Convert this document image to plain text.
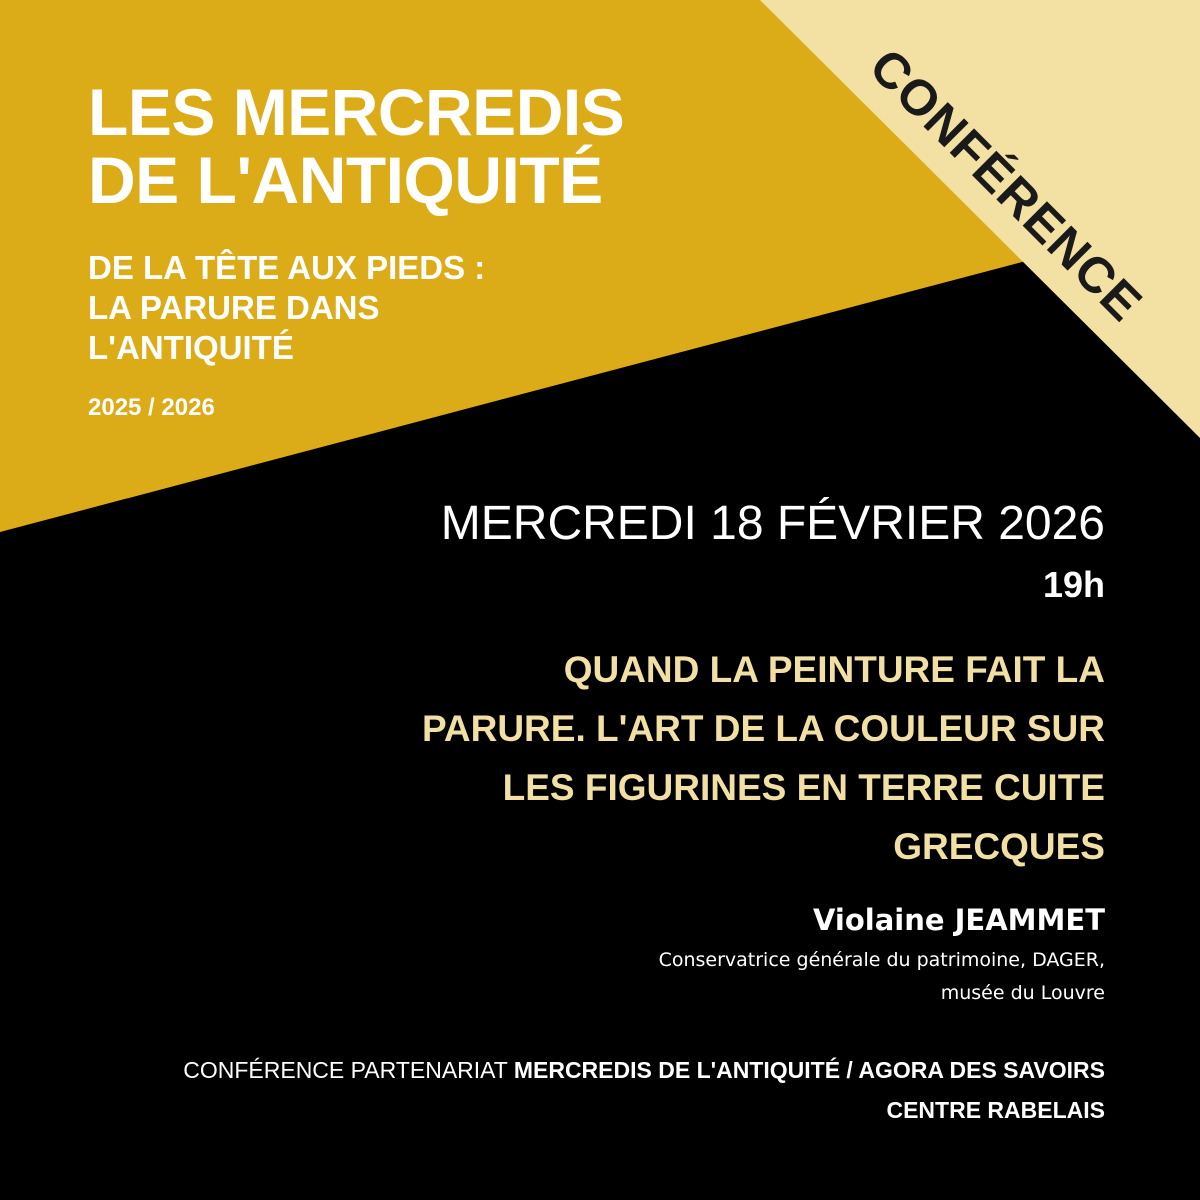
LES MERCREDIS
DE L'ANTIQUITÉ
DE LA TÊTE AUX PIEDS :
LA PARURE DANS
L'ANTIQUITÉ
2025 / 2026
CONFÉRENCE
MERCREDI 18 FÉVRIER 2026
19h
QUAND LA PEINTURE FAIT LA
PARURE. L'ART DE LA COULEUR SUR
LES FIGURINES EN TERRE CUITE
GRECQUES
Violaine JEAMMET
Conservatrice générale du patrimoine, DAGER,
musée du Louvre
CONFÉRENCE PARTENARIAT MERCREDIS DE L'ANTIQUITÉ / AGORA DES SAVOIRS
CENTRE RABELAIS
